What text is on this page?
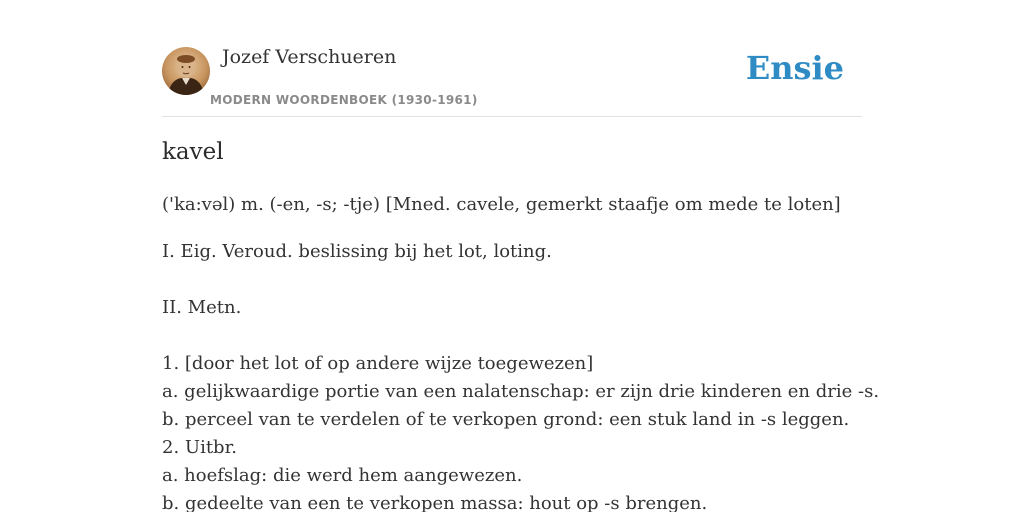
Jozef Verschueren
MODERN WOORDENBOEK (1930-1961)
Ensie
kavel
('ka:vəl) m. (-en, -s; -tje) [Mned. cavele, gemerkt staafje om mede te loten]
I. Eig. Veroud. beslissing bij het lot, loting.
II. Metn.
1. [door het lot of op andere wijze toegewezen]
a. gelijkwaardige portie van een nalatenschap: er zijn drie kinderen en drie -s.
b. perceel van te verdelen of te verkopen grond: een stuk land in -s leggen.
2. Uitbr.
a. hoefslag: die werd hem aangewezen.
b. gedeelte van een te verkopen massa: hout op -s brengen.
